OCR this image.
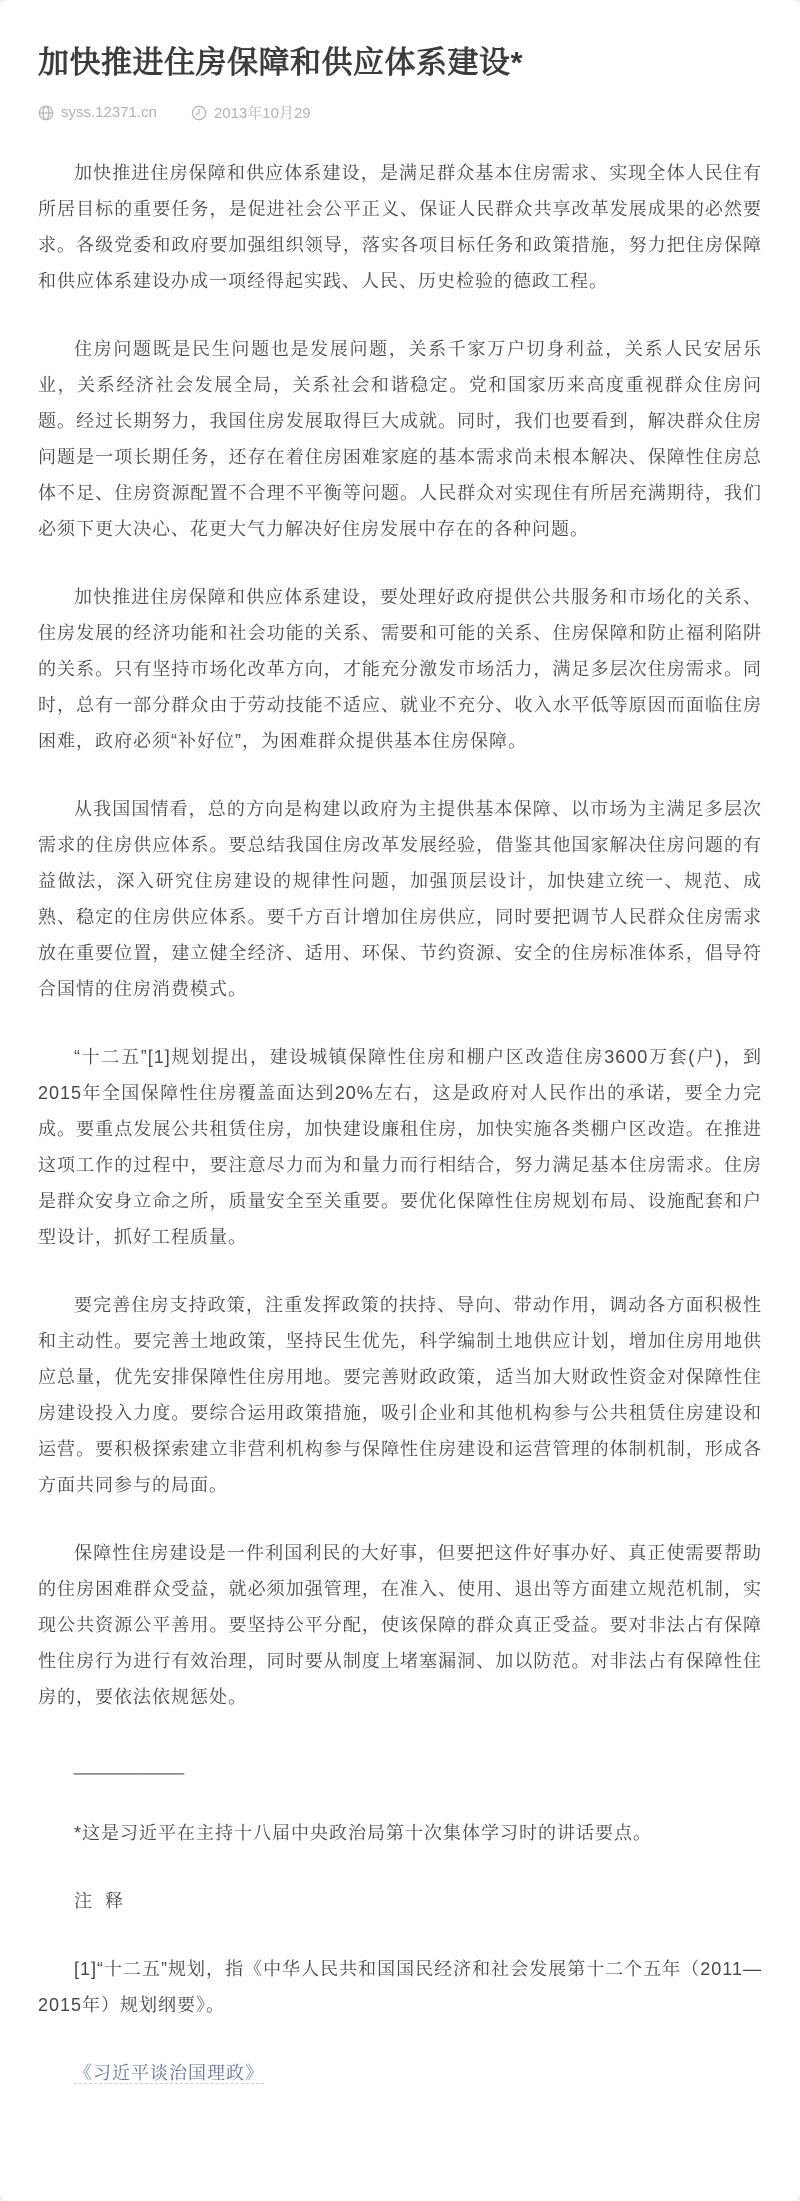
加快推进住房保障和供应体系建设*
syss.12371.cn	2013年10月29

加快推进住房保障和供应体系建设，是满足群众基本住房需求、实现全体人民住有所居目标的重要任务，是促进社会公平正义、保证人民群众共享改革发展成果的必然要求。各级党委和政府要加强组织领导，落实各项目标任务和政策措施，努力把住房保障和供应体系建设办成一项经得起实践、人民、历史检验的德政工程。

住房问题既是民生问题也是发展问题，关系千家万户切身利益，关系人民安居乐业，关系经济社会发展全局，关系社会和谐稳定。党和国家历来高度重视群众住房问题。经过长期努力，我国住房发展取得巨大成就。同时，我们也要看到，解决群众住房问题是一项长期任务，还存在着住房困难家庭的基本需求尚未根本解决、保障性住房总体不足、住房资源配置不合理不平衡等问题。人民群众对实现住有所居充满期待，我们必须下更大决心、花更大气力解决好住房发展中存在的各种问题。

加快推进住房保障和供应体系建设，要处理好政府提供公共服务和市场化的关系、住房发展的经济功能和社会功能的关系、需要和可能的关系、住房保障和防止福利陷阱的关系。只有坚持市场化改革方向，才能充分激发市场活力，满足多层次住房需求。同时，总有一部分群众由于劳动技能不适应、就业不充分、收入水平低等原因而面临住房困难，政府必须“补好位”，为困难群众提供基本住房保障。

从我国国情看，总的方向是构建以政府为主提供基本保障、以市场为主满足多层次需求的住房供应体系。要总结我国住房改革发展经验，借鉴其他国家解决住房问题的有益做法，深入研究住房建设的规律性问题，加强顶层设计，加快建立统一、规范、成熟、稳定的住房供应体系。要千方百计增加住房供应，同时要把调节人民群众住房需求放在重要位置，建立健全经济、适用、环保、节约资源、安全的住房标准体系，倡导符合国情的住房消费模式。

“十二五”[1]规划提出，建设城镇保障性住房和棚户区改造住房3600万套(户)，到2015年全国保障性住房覆盖面达到20%左右，这是政府对人民作出的承诺，要全力完成。要重点发展公共租赁住房，加快建设廉租住房，加快实施各类棚户区改造。在推进这项工作的过程中，要注意尽力而为和量力而行相结合，努力满足基本住房需求。住房是群众安身立命之所，质量安全至关重要。要优化保障性住房规划布局、设施配套和户型设计，抓好工程质量。

要完善住房支持政策，注重发挥政策的扶持、导向、带动作用，调动各方面积极性和主动性。要完善土地政策，坚持民生优先，科学编制土地供应计划，增加住房用地供应总量，优先安排保障性住房用地。要完善财政政策，适当加大财政性资金对保障性住房建设投入力度。要综合运用政策措施，吸引企业和其他机构参与公共租赁住房建设和运营。要积极探索建立非营利机构参与保障性住房建设和运营管理的体制机制，形成各方面共同参与的局面。

保障性住房建设是一件利国利民的大好事，但要把这件好事办好、真正使需要帮助的住房困难群众受益，就必须加强管理，在准入、使用、退出等方面建立规范机制，实现公共资源公平善用。要坚持公平分配，使该保障的群众真正受益。要对非法占有保障性住房行为进行有效治理，同时要从制度上堵塞漏洞、加以防范。对非法占有保障性住房的，要依法依规惩处。

___________

*这是习近平在主持十八届中央政治局第十次集体学习时的讲话要点。

注 释

[1]“十二五”规划，指《中华人民共和国国民经济和社会发展第十二个五年（2011—2015年）规划纲要》。

《习近平谈治国理政》
